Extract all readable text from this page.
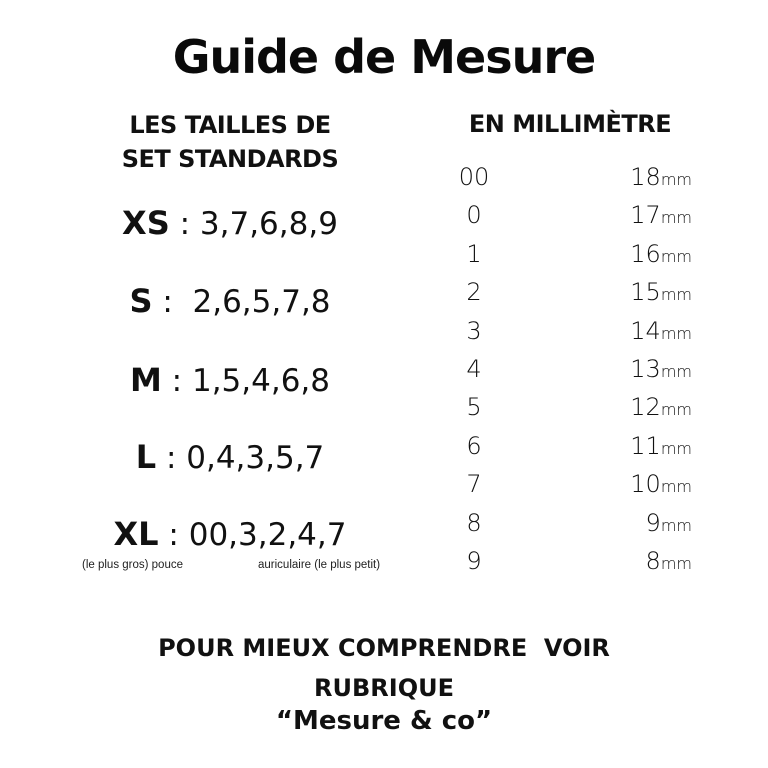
Guide de Mesure
LES TAILLES DE
SET STANDARDS
EN MILLIMÈTRE
XS : 3,7,6,8,9
S :  2,6,5,7,8
M : 1,5,4,6,8
L : 0,4,3,5,7
XL : 00,3,2,4,7
(le plus gros) pouce	auriculaire (le plus petit)
00	18mm
0	17mm
1	16mm
2	15mm
3	14mm
4	13mm
5	12mm
6	11mm
7	10mm
8	9mm
9	8mm
POUR MIEUX COMPRENDRE  VOIR
RUBRIQUE
“Mesure & co”
